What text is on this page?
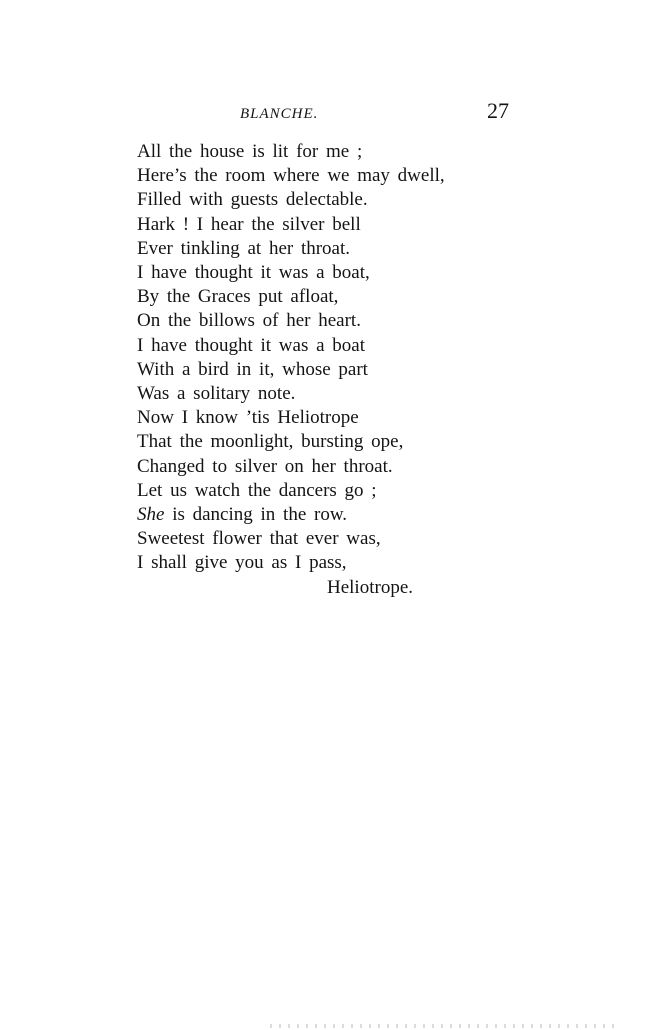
BLANCHE.	27
All the house is lit for me ;
Here’s the room where we may dwell,
Filled with guests delectable.
Hark ! I hear the silver bell
Ever tinkling at her throat.
I have thought it was a boat,
By the Graces put afloat,
On the billows of her heart.
I have thought it was a boat
With a bird in it, whose part
Was a solitary note.
Now I know ’tis Heliotrope
That the moonlight, bursting ope,
Changed to silver on her throat.
Let us watch the dancers go ;
She is dancing in the row.
Sweetest flower that ever was,
I shall give you as I pass,
Heliotrope.
